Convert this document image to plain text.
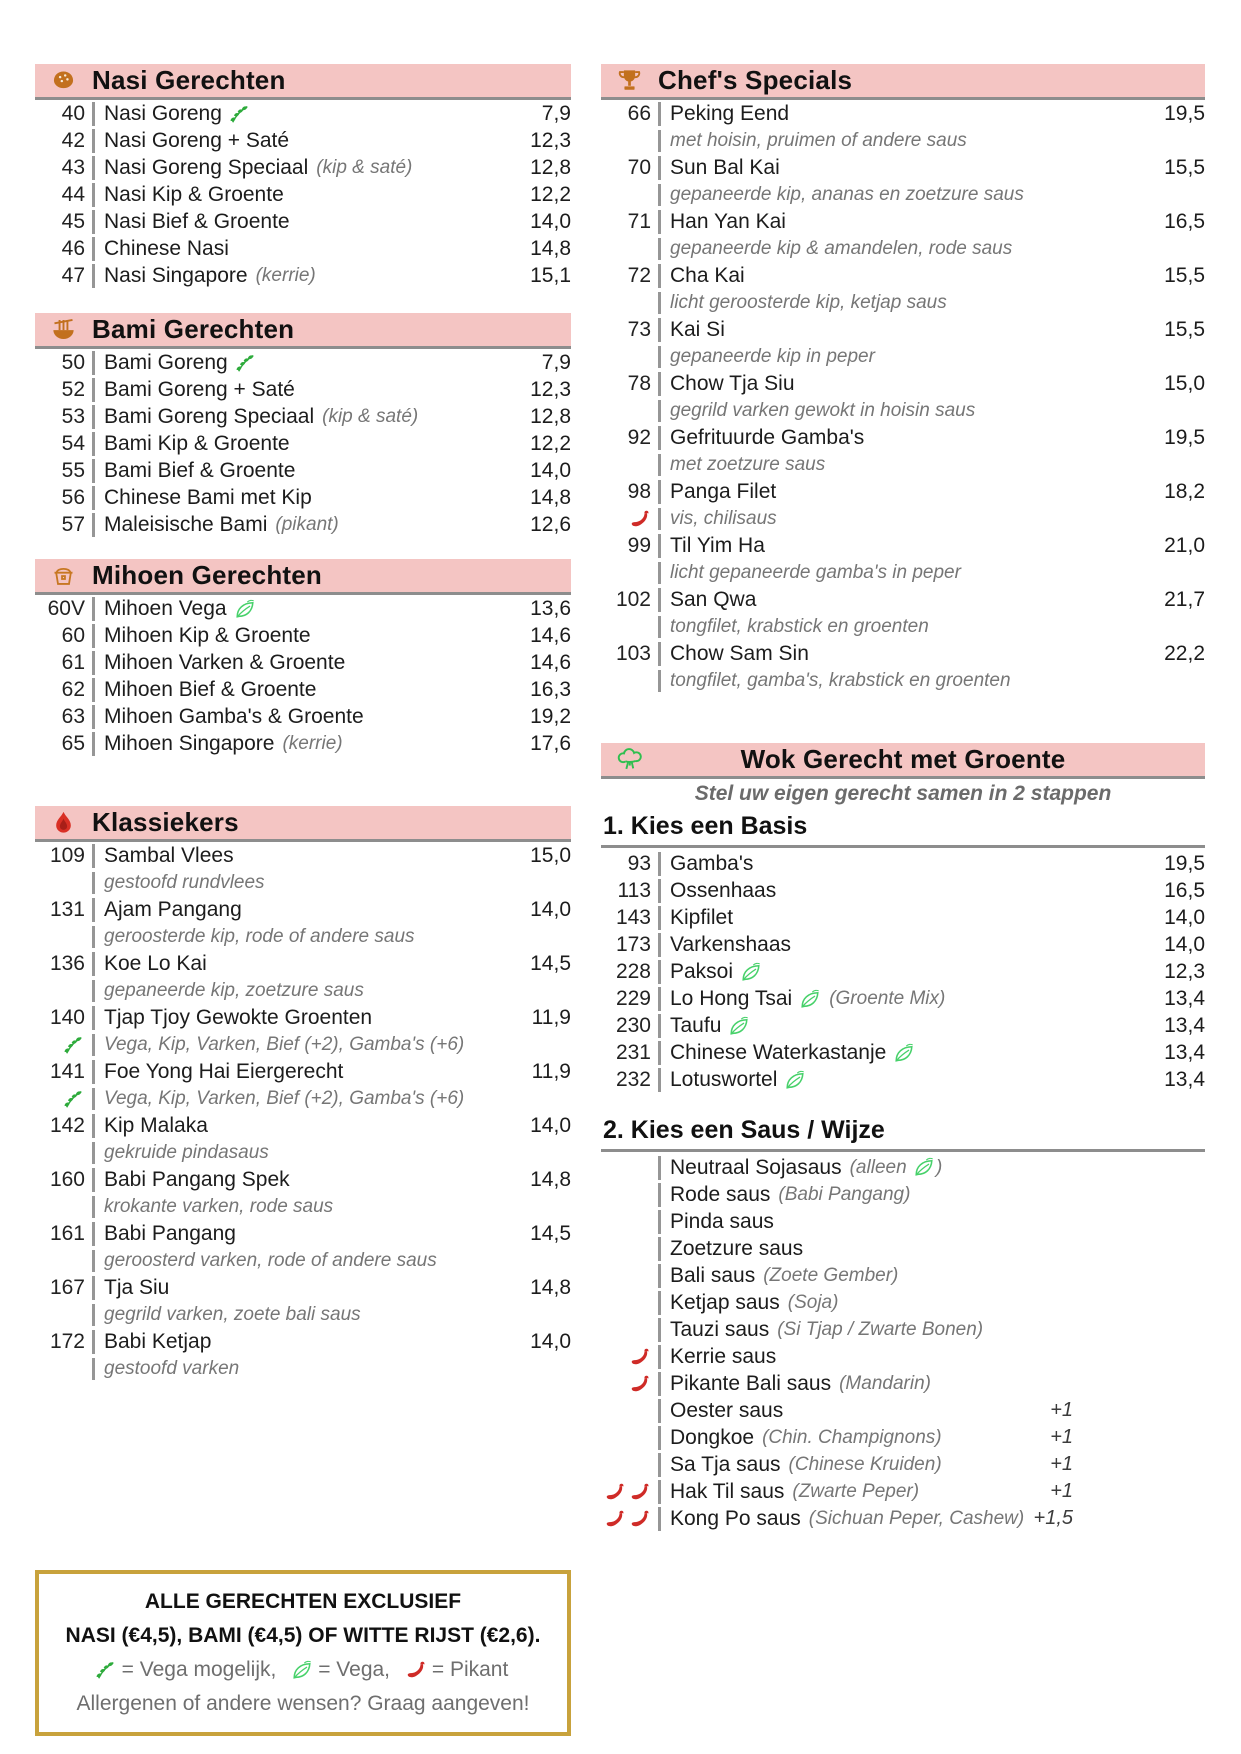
Nasi Gerechten
40 Nasi Goreng	7,9
42 Nasi Goreng + Saté	12,3
43 Nasi Goreng Speciaal (kip & saté)	12,8
44 Nasi Kip & Groente	12,2
45 Nasi Bief & Groente	14,0
46 Chinese Nasi	14,8
47 Nasi Singapore (kerrie)	15,1
Bami Gerechten
50 Bami Goreng	7,9
52 Bami Goreng + Saté	12,3
53 Bami Goreng Speciaal (kip & saté)	12,8
54 Bami Kip & Groente	12,2
55 Bami Bief & Groente	14,0
56 Chinese Bami met Kip	14,8
57 Maleisische Bami (pikant)	12,6
Mihoen Gerechten
60V Mihoen Vega	13,6
60 Mihoen Kip & Groente	14,6
61 Mihoen Varken & Groente	14,6
62 Mihoen Bief & Groente	16,3
63 Mihoen Gamba's & Groente	19,2
65 Mihoen Singapore (kerrie)	17,6
Klassiekers
109 Sambal Vlees	15,0
gestoofd rundvlees
131 Ajam Pangang	14,0
geroosterde kip, rode of andere saus
136 Koe Lo Kai	14,5
gepaneerde kip, zoetzure saus
140 Tjap Tjoy Gewokte Groenten	11,9
Vega, Kip, Varken, Bief (+2), Gamba's (+6)
141 Foe Yong Hai Eiergerecht	11,9
Vega, Kip, Varken, Bief (+2), Gamba's (+6)
142 Kip Malaka	14,0
gekruide pindasaus
160 Babi Pangang Spek	14,8
krokante varken, rode saus
161 Babi Pangang	14,5
geroosterd varken, rode of andere saus
167 Tja Siu	14,8
gegrild varken, zoete bali saus
172 Babi Ketjap	14,0
gestoofd varken
ALLE GERECHTEN EXCLUSIEF
NASI (€4,5), BAMI (€4,5) OF WITTE RIJST (€2,6).
= Vega mogelijk, = Vega, = Pikant
Allergenen of andere wensen? Graag aangeven!
Chef's Specials
66 Peking Eend	19,5
met hoisin, pruimen of andere saus
70 Sun Bal Kai	15,5
gepaneerde kip, ananas en zoetzure saus
71 Han Yan Kai	16,5
gepaneerde kip & amandelen, rode saus
72 Cha Kai	15,5
licht geroosterde kip, ketjap saus
73 Kai Si	15,5
gepaneerde kip in peper
78 Chow Tja Siu	15,0
gegrild varken gewokt in hoisin saus
92 Gefrituurde Gamba's	19,5
met zoetzure saus
98 Panga Filet	18,2
vis, chilisaus
99 Til Yim Ha	21,0
licht gepaneerde gamba's in peper
102 San Qwa	21,7
tongfilet, krabstick en groenten
103 Chow Sam Sin	22,2
tongfilet, gamba's, krabstick en groenten
Wok Gerecht met Groente
Stel uw eigen gerecht samen in 2 stappen
1. Kies een Basis
93 Gamba's	19,5
113 Ossenhaas	16,5
143 Kipfilet	14,0
173 Varkenshaas	14,0
228 Paksoi	12,3
229 Lo Hong Tsai (Groente Mix)	13,4
230 Taufu	13,4
231 Chinese Waterkastanje	13,4
232 Lotuswortel	13,4
2. Kies een Saus / Wijze
Neutraal Sojasaus (alleen )
Rode saus (Babi Pangang)
Pinda saus
Zoetzure saus
Bali saus (Zoete Gember)
Ketjap saus (Soja)
Tauzi saus (Si Tjap / Zwarte Bonen)
Kerrie saus
Pikante Bali saus (Mandarin)
Oester saus	+1
Dongkoe (Chin. Champignons)	+1
Sa Tja saus (Chinese Kruiden)	+1
Hak Til saus (Zwarte Peper)	+1
Kong Po saus (Sichuan Peper, Cashew) +1,5
